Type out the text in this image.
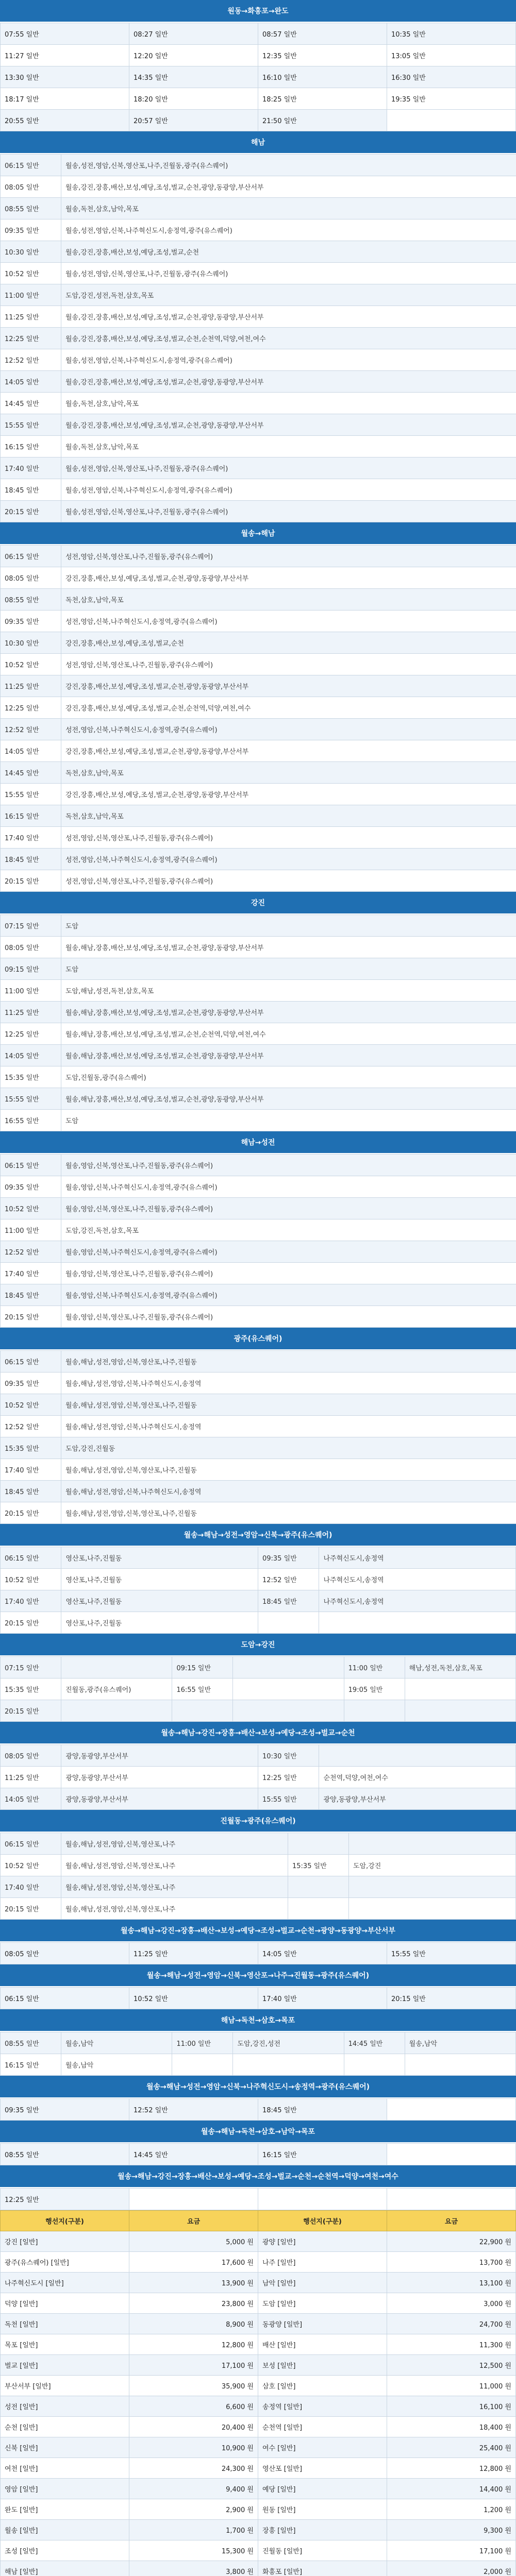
원동→화흥포→완도
07:55 일반	08:27 일반	08:57 일반	10:35 일반
11:27 일반	12:20 일반	12:35 일반	13:05 일반
13:30 일반	14:35 일반	16:10 일반	16:30 일반
18:17 일반	18:20 일반	18:25 일반	19:35 일반
20:55 일반	20:57 일반	21:50 일반	
해남
06:15 일반	월송,성전,영암,신북,영산포,나주,진월동,광주(유스퀘어)
08:05 일반	월송,강진,장흥,배산,보성,예당,조성,벌교,순천,광양,동광양,부산서부
08:55 일반	월송,독천,삼호,남악,목포
09:35 일반	월송,성전,영암,신북,나주혁신도시,송정역,광주(유스퀘어)
10:30 일반	월송,강진,장흥,배산,보성,예당,조성,벌교,순천
10:52 일반	월송,성전,영암,신북,영산포,나주,진월동,광주(유스퀘어)
11:00 일반	도암,강진,성전,독천,삼호,목포
11:25 일반	월송,강진,장흥,배산,보성,예당,조성,벌교,순천,광양,동광양,부산서부
12:25 일반	월송,강진,장흥,배산,보성,예당,조성,벌교,순천,순천역,덕양,여천,여수
12:52 일반	월송,성전,영암,신북,나주혁신도시,송정역,광주(유스퀘어)
14:05 일반	월송,강진,장흥,배산,보성,예당,조성,벌교,순천,광양,동광양,부산서부
14:45 일반	월송,독천,삼호,남악,목포
15:55 일반	월송,강진,장흥,배산,보성,예당,조성,벌교,순천,광양,동광양,부산서부
16:15 일반	월송,독천,삼호,남악,목포
17:40 일반	월송,성전,영암,신북,영산포,나주,진월동,광주(유스퀘어)
18:45 일반	월송,성전,영암,신북,나주혁신도시,송정역,광주(유스퀘어)
20:15 일반	월송,성전,영암,신북,영산포,나주,진월동,광주(유스퀘어)
월송→해남
06:15 일반	성전,영암,신북,영산포,나주,진월동,광주(유스퀘어)
08:05 일반	강진,장흥,배산,보성,예당,조성,벌교,순천,광양,동광양,부산서부
08:55 일반	독천,삼호,남악,목포
09:35 일반	성전,영암,신북,나주혁신도시,송정역,광주(유스퀘어)
10:30 일반	강진,장흥,배산,보성,예당,조성,벌교,순천
10:52 일반	성전,영암,신북,영산포,나주,진월동,광주(유스퀘어)
11:25 일반	강진,장흥,배산,보성,예당,조성,벌교,순천,광양,동광양,부산서부
12:25 일반	강진,장흥,배산,보성,예당,조성,벌교,순천,순천역,덕양,여천,여수
12:52 일반	성전,영암,신북,나주혁신도시,송정역,광주(유스퀘어)
14:05 일반	강진,장흥,배산,보성,예당,조성,벌교,순천,광양,동광양,부산서부
14:45 일반	독천,삼호,남악,목포
15:55 일반	강진,장흥,배산,보성,예당,조성,벌교,순천,광양,동광양,부산서부
16:15 일반	독천,삼호,남악,목포
17:40 일반	성전,영암,신북,영산포,나주,진월동,광주(유스퀘어)
18:45 일반	성전,영암,신북,나주혁신도시,송정역,광주(유스퀘어)
20:15 일반	성전,영암,신북,영산포,나주,진월동,광주(유스퀘어)
강진
07:15 일반	도암	
08:05 일반	월송,해남,장흥,배산,보성,예당,조성,벌교,순천,광양,동광양,부산서부	
09:15 일반	도암		
11:00 일반	도암,해남,성전,독천,삼호,목포	
11:25 일반	월송,해남,장흥,배산,보성,예당,조성,벌교,순천,광양,동광양,부산서부	
12:25 일반	월송,해남,장흥,배산,보성,예당,조성,벌교,순천,순천역,덕양,여천,여수	
14:05 일반	월송,해남,장흥,배산,보성,예당,조성,벌교,순천,광양,동광양,부산서부	
15:35 일반	도암,진월동,광주(유스퀘어)	
15:55 일반	월송,해남,장흥,배산,보성,예당,조성,벌교,순천,광양,동광양,부산서부	
16:55 일반	도암				
해남→성전
06:15 일반	월송,영암,신북,영산포,나주,진월동,광주(유스퀘어)
09:35 일반	월송,영암,신북,나주혁신도시,송정역,광주(유스퀘어)
10:52 일반	월송,영암,신북,영산포,나주,진월동,광주(유스퀘어)
11:00 일반	도암,강진,독천,삼호,목포
12:52 일반	월송,영암,신북,나주혁신도시,송정역,광주(유스퀘어)
17:40 일반	월송,영암,신북,영산포,나주,진월동,광주(유스퀘어)
18:45 일반	월송,영암,신북,나주혁신도시,송정역,광주(유스퀘어)
20:15 일반	월송,영암,신북,영산포,나주,진월동,광주(유스퀘어)
광주(유스퀘어)
06:15 일반	월송,해남,성전,영암,신북,영산포,나주,진월동
09:35 일반	월송,해남,성전,영암,신북,나주혁신도시,송정역
10:52 일반	월송,해남,성전,영암,신북,영산포,나주,진월동
12:52 일반	월송,해남,성전,영암,신북,나주혁신도시,송정역
15:35 일반	도암,강진,진월동
17:40 일반	월송,해남,성전,영암,신북,영산포,나주,진월동
18:45 일반	월송,해남,성전,영암,신북,나주혁신도시,송정역
20:15 일반	월송,해남,성전,영암,신북,영산포,나주,진월동
월송→해남→성전→영암→신북→광주(유스퀘어)
06:15 일반	영산포,나주,진월동	09:35 일반	나주혁신도시,송정역
10:52 일반	영산포,나주,진월동	12:52 일반	나주혁신도시,송정역
17:40 일반	영산포,나주,진월동	18:45 일반	나주혁신도시,송정역
20:15 일반	영산포,나주,진월동		
도암→강진
07:15 일반		09:15 일반		11:00 일반	해남,성전,독천,삼호,목포
15:35 일반	진월동,광주(유스퀘어)	16:55 일반		19:05 일반	
20:15 일반					
월송→해남→강진→장흥→배산→보성→예당→조성→벌교→순천
08:05 일반	광양,동광양,부산서부	10:30 일반	
11:25 일반	광양,동광양,부산서부	12:25 일반	순천역,덕양,여천,여수
14:05 일반	광양,동광양,부산서부	15:55 일반	광양,동광양,부산서부
진월동→광주(유스퀘어)
06:15 일반	월송,해남,성전,영암,신북,영산포,나주		
10:52 일반	월송,해남,성전,영암,신북,영산포,나주	15:35 일반	도암,강진
17:40 일반	월송,해남,성전,영암,신북,영산포,나주		
20:15 일반	월송,해남,성전,영암,신북,영산포,나주		
월송→해남→강진→장흥→배산→보성→예당→조성→벌교→순천→광양→동광양→부산서부
08:05 일반	11:25 일반	14:05 일반	15:55 일반
월송→해남→성전→영암→신북→영산포→나주→진월동→광주(유스퀘어)
06:15 일반	10:52 일반	17:40 일반	20:15 일반
해남→독천→삼호→목포
08:55 일반	월송,남악	11:00 일반	도암,강진,성전	14:45 일반	월송,남악
16:15 일반	월송,남악				
월송→해남→성전→영암→신북→나주혁신도시→송정역→광주(유스퀘어)
09:35 일반	12:52 일반	18:45 일반	
월송→해남→독천→삼호→남악→목포
08:55 일반	14:45 일반	16:15 일반	
월송→해남→강진→장흥→배산→보성→예당→조성→벌교→순천→순천역→덕양→여천→여수
12:25 일반			
행선지(구분)	요금	행선지(구분)	요금
강진 [일반]	5,000 원	광양 [일반]	22,900 원
광주(유스퀘어) [일반]	17,600 원	나주 [일반]	13,700 원
나주혁신도시 [일반]	13,900 원	남악 [일반]	13,100 원
덕양 [일반]	23,800 원	도암 [일반]	3,000 원
독천 [일반]	8,900 원	동광양 [일반]	24,700 원
목포 [일반]	12,800 원	배산 [일반]	11,300 원
벌교 [일반]	17,100 원	보성 [일반]	12,500 원
부산서부 [일반]	35,900 원	삼호 [일반]	11,000 원
성전 [일반]	6,600 원	송정역 [일반]	16,100 원
순천 [일반]	20,400 원	순천역 [일반]	18,400 원
신북 [일반]	10,900 원	여수 [일반]	25,400 원
여천 [일반]	24,300 원	영산포 [일반]	12,800 원
영암 [일반]	9,400 원	예당 [일반]	14,400 원
완도 [일반]	2,900 원	원동 [일반]	1,200 원
월송 [일반]	1,700 원	장흥 [일반]	9,300 원
조성 [일반]	15,300 원	진월동 [일반]	17,100 원
해남 [일반]	3,800 원	화흥포 [일반]	2,000 원
